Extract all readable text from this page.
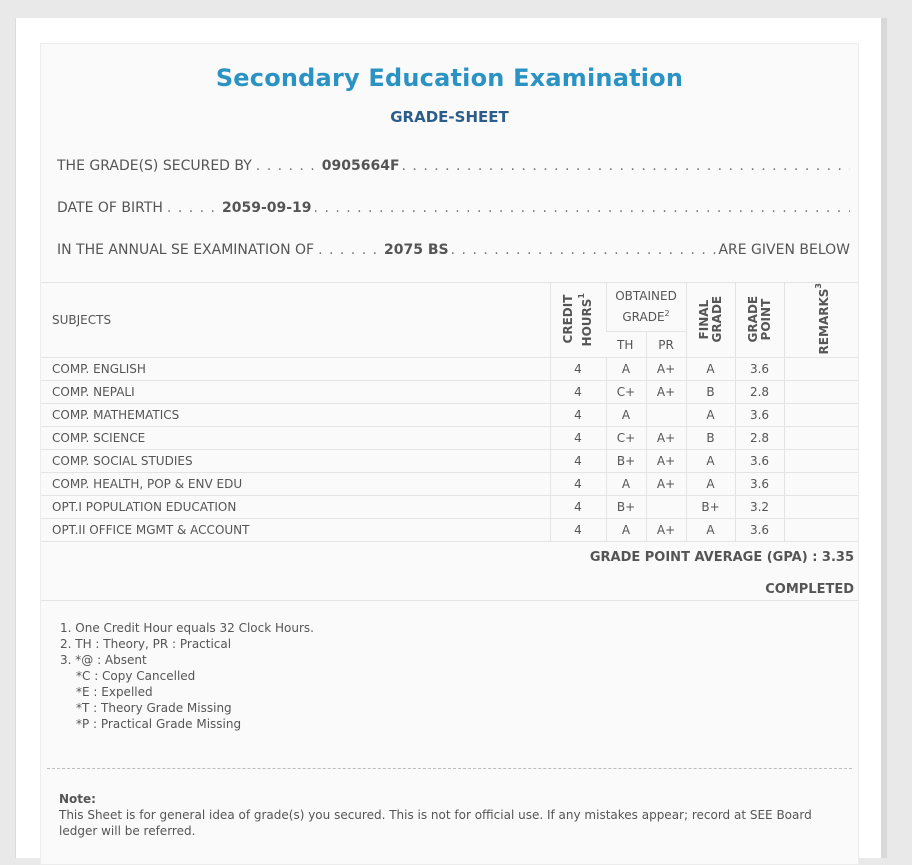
Secondary Education Examination
GRADE-SHEET
THE GRADE(S) SECURED BY . . . . . . 0905664F
. . .
DATE OF BIRTH . . . . . 2059-09-19
. . .
IN THE ANNUAL SE EXAMINATION OF . . . . . . 2075 BS . . .	ARE GIVEN BELOW
SUBJECTS	CREDIT HOURS$^1$	OBTAINED GRADE$^2$		FINAL GRADE	GRADE POINT	REMARKS$^3$
		TH	PR			
COMP. ENGLISH	4	A	A+	A	3.6	
COMP. NEPALI	4	C+	A+	B	2.8	
COMP. MATHEMATICS	4	A		A	3.6	
COMP. SCIENCE	4	C+	A+	B	2.8	
COMP. SOCIAL STUDIES	4	B+	A+	A	3.6	
COMP. HEALTH, POP & ENV EDU	4	A	A+	A	3.6	
OPT.I POPULATION EDUCATION	4	B+		B+	3.2	
OPT.II OFFICE MGMT & ACCOUNT	4	A	A+	A	3.6	
GRADE POINT AVERAGE (GPA) : 3.35
COMPLETED
1. One Credit Hour equals 32 Clock Hours.
2. TH : Theory, PR : Practical
3. *@ : Absent
*C : Copy Cancelled
*E : Expelled
*T : Theory Grade Missing
*P : Practical Grade Missing
Note:
This Sheet is for general idea of grade(s) you secured. This is not for official use. If any mistakes appear; record at SEE Board ledger will be referred.
